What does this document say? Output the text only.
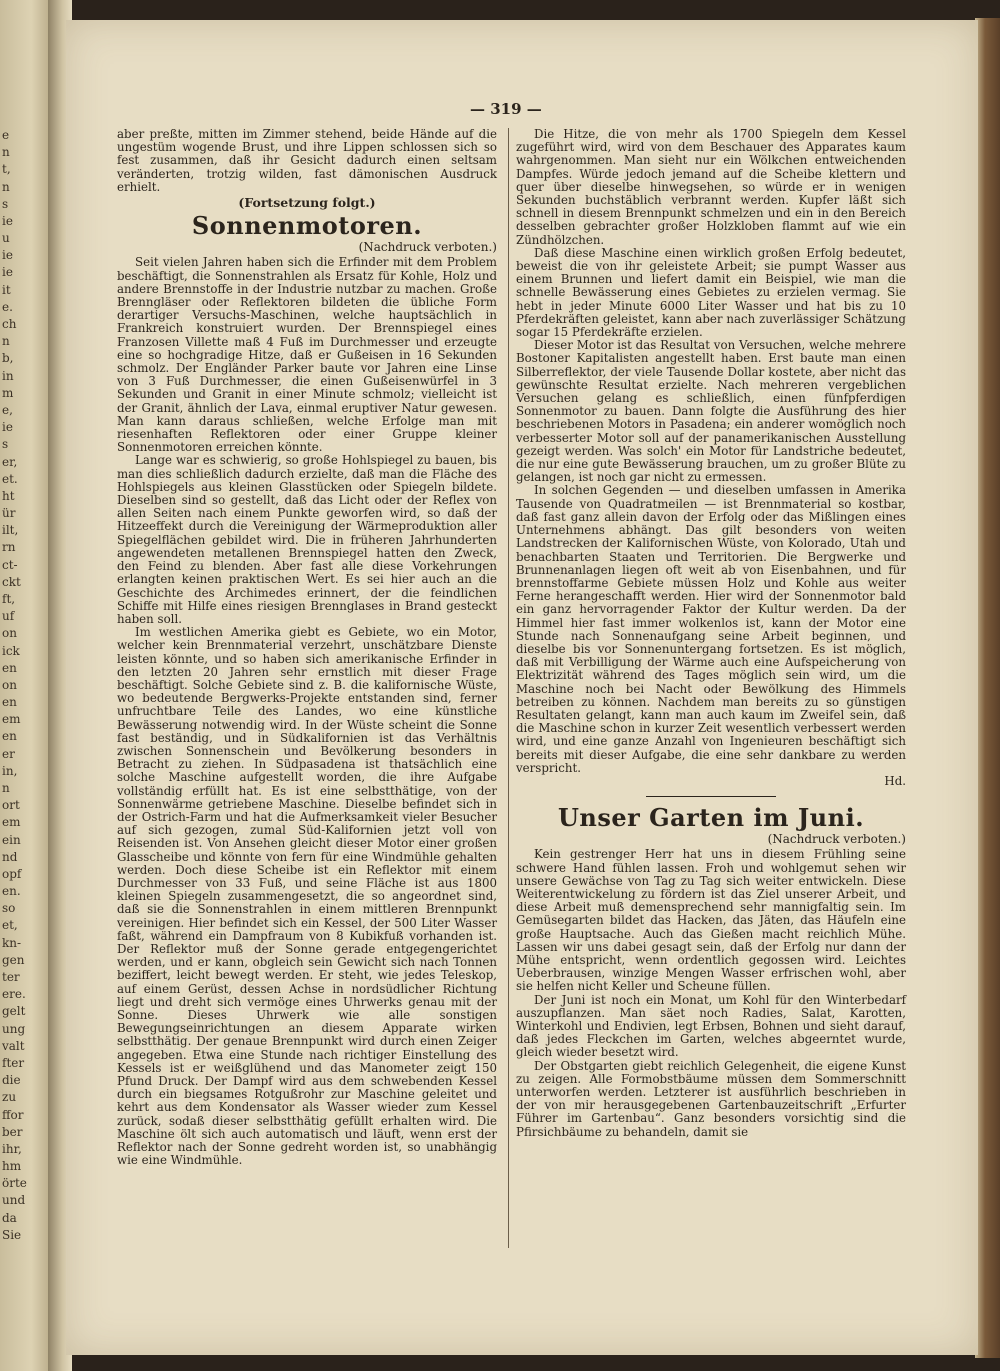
e
n
t,
n
s
ie
u
ie
ie
it
e.
ch
n
b,
in
m
e,
ie
s
er,
et.
ht
ür
ilt,
rn
ct-
ckt
ft,
uf
on
ick
en
on
en
em
en
er
in,
n
ort
em
ein
nd
opf
en.
so
et,
kn-
gen
ter
ere.
gelt
ung
valt
fter
die
zu
ffor
ber
ihr,
hm
örte
und
da
Sie
— 319 —

aber preßte, mitten im Zimmer stehend, beide Hände auf die ungestüm wogende Brust, und ihre Lippen schlossen sich so fest zusammen, daß ihr Gesicht dadurch einen seltsam veränderten, trotzig wilden, fast dämonischen Ausdruck erhielt.

(Fortsetzung folgt.)
Sonnenmotoren.
(Nachdruck verboten.)

Seit vielen Jahren haben sich die Erfinder mit dem Problem beschäftigt, die Sonnenstrahlen als Ersatz für Kohle, Holz und andere Brennstoffe in der Industrie nutzbar zu machen. Große Brenngläser oder Reflektoren bildeten die übliche Form derartiger Versuchs-Maschinen, welche hauptsächlich in Frankreich konstruiert wurden. Der Brennspiegel eines Franzosen Villette maß 4 Fuß im Durchmesser und erzeugte eine so hochgradige Hitze, daß er Gußeisen in 16 Sekunden schmolz. Der Engländer Parker baute vor Jahren eine Linse von 3 Fuß Durchmesser, die einen Gußeisenwürfel in 3 Sekunden und Granit in einer Minute schmolz; vielleicht ist der Granit, ähnlich der Lava, einmal eruptiver Natur gewesen. Man kann daraus schließen, welche Erfolge man mit riesenhaften Reflektoren oder einer Gruppe kleiner Sonnenmotoren erreichen könnte.

Lange war es schwierig, so große Hohlspiegel zu bauen, bis man dies schließlich dadurch erzielte, daß man die Fläche des Hohlspiegels aus kleinen Glasstücken oder Spiegeln bildete. Dieselben sind so gestellt, daß das Licht oder der Reflex von allen Seiten nach einem Punkte geworfen wird, so daß der Hitzeeffekt durch die Vereinigung der Wärmeproduktion aller Spiegelflächen gebildet wird. Die in früheren Jahrhunderten angewendeten metallenen Brennspiegel hatten den Zweck, den Feind zu blenden. Aber fast alle diese Vorkehrungen erlangten keinen praktischen Wert. Es sei hier auch an die Geschichte des Archimedes erinnert, der die feindlichen Schiffe mit Hilfe eines riesigen Brennglases in Brand gesteckt haben soll.

Im westlichen Amerika giebt es Gebiete, wo ein Motor, welcher kein Brennmaterial verzehrt, unschätzbare Dienste leisten könnte, und so haben sich amerikanische Erfinder in den letzten 20 Jahren sehr ernstlich mit dieser Frage beschäftigt. Solche Gebiete sind z. B. die kalifornische Wüste, wo bedeutende Bergwerks-Projekte entstanden sind, ferner unfruchtbare Teile des Landes, wo eine künstliche Bewässerung notwendig wird. In der Wüste scheint die Sonne fast beständig, und in Südkalifornien ist das Verhältnis zwischen Sonnenschein und Bevölkerung besonders in Betracht zu ziehen. In Südpasadena ist thatsächlich eine solche Maschine aufgestellt worden, die ihre Aufgabe vollständig erfüllt hat. Es ist eine selbstthätige, von der Sonnenwärme getriebene Maschine. Dieselbe befindet sich in der Ostrich-Farm und hat die Aufmerksamkeit vieler Besucher auf sich gezogen, zumal Süd-Kalifornien jetzt voll von Reisenden ist. Von Ansehen gleicht dieser Motor einer großen Glasscheibe und könnte von fern für eine Windmühle gehalten werden. Doch diese Scheibe ist ein Reflektor mit einem Durchmesser von 33 Fuß, und seine Fläche ist aus 1800 kleinen Spiegeln zusammengesetzt, die so angeordnet sind, daß sie die Sonnenstrahlen in einem mittleren Brennpunkt vereinigen. Hier befindet sich ein Kessel, der 500 Liter Wasser faßt, während ein Dampfraum von 8 Kubikfuß vorhanden ist. Der Reflektor muß der Sonne gerade entgegengerichtet werden, und er kann, obgleich sein Gewicht sich nach Tonnen beziffert, leicht bewegt werden. Er steht, wie jedes Teleskop, auf einem Gerüst, dessen Achse in nordsüdlicher Richtung liegt und dreht sich vermöge eines Uhrwerks genau mit der Sonne. Dieses Uhrwerk wie alle sonstigen Bewegungseinrichtungen an diesem Apparate wirken selbstthätig. Der genaue Brennpunkt wird durch einen Zeiger angegeben. Etwa eine Stunde nach richtiger Einstellung des Kessels ist er weißglühend und das Manometer zeigt 150 Pfund Druck. Der Dampf wird aus dem schwebenden Kessel durch ein biegsames Rotgußrohr zur Maschine geleitet und kehrt aus dem Kondensator als Wasser wieder zum Kessel zurück, sodaß dieser selbstthätig gefüllt erhalten wird. Die Maschine ölt sich auch automatisch und läuft, wenn erst der Reflektor nach der Sonne gedreht worden ist, so unabhängig wie eine Windmühle.

Die Hitze, die von mehr als 1700 Spiegeln dem Kessel zugeführt wird, wird von dem Beschauer des Apparates kaum wahrgenommen. Man sieht nur ein Wölkchen entweichenden Dampfes. Würde jedoch jemand auf die Scheibe klettern und quer über dieselbe hinwegsehen, so würde er in wenigen Sekunden buchstäblich verbrannt werden. Kupfer läßt sich schnell in diesem Brennpunkt schmelzen und ein in den Bereich desselben gebrachter großer Holzkloben flammt auf wie ein Zündhölzchen.

Daß diese Maschine einen wirklich großen Erfolg bedeutet, beweist die von ihr geleistete Arbeit; sie pumpt Wasser aus einem Brunnen und liefert damit ein Beispiel, wie man die schnelle Bewässerung eines Gebietes zu erzielen vermag. Sie hebt in jeder Minute 6000 Liter Wasser und hat bis zu 10 Pferdekräften geleistet, kann aber nach zuverlässiger Schätzung sogar 15 Pferdekräfte erzielen.

Dieser Motor ist das Resultat von Versuchen, welche mehrere Bostoner Kapitalisten angestellt haben. Erst baute man einen Silberreflektor, der viele Tausende Dollar kostete, aber nicht das gewünschte Resultat erzielte. Nach mehreren vergeblichen Versuchen gelang es schließlich, einen fünfpferdigen Sonnenmotor zu bauen. Dann folgte die Ausführung des hier beschriebenen Motors in Pasadena; ein anderer womöglich noch verbesserter Motor soll auf der panamerikanischen Ausstellung gezeigt werden. Was solch' ein Motor für Landstriche bedeutet, die nur eine gute Bewässerung brauchen, um zu großer Blüte zu gelangen, ist noch gar nicht zu ermessen.

In solchen Gegenden — und dieselben umfassen in Amerika Tausende von Quadratmeilen — ist Brennmaterial so kostbar, daß fast ganz allein davon der Erfolg oder das Mißlingen eines Unternehmens abhängt. Das gilt besonders von weiten Landstrecken der Kalifornischen Wüste, von Kolorado, Utah und benachbarten Staaten und Territorien. Die Bergwerke und Brunnenanlagen liegen oft weit ab von Eisenbahnen, und für brennstoffarme Gebiete müssen Holz und Kohle aus weiter Ferne herangeschafft werden. Hier wird der Sonnenmotor bald ein ganz hervorragender Faktor der Kultur werden. Da der Himmel hier fast immer wolkenlos ist, kann der Motor eine Stunde nach Sonnenaufgang seine Arbeit beginnen, und dieselbe bis vor Sonnenuntergang fortsetzen. Es ist möglich, daß mit Verbilligung der Wärme auch eine Aufspeicherung von Elektrizität während des Tages möglich sein wird, um die Maschine noch bei Nacht oder Bewölkung des Himmels betreiben zu können. Nachdem man bereits zu so günstigen Resultaten gelangt, kann man auch kaum im Zweifel sein, daß die Maschine schon in kurzer Zeit wesentlich verbessert werden wird, und eine ganze Anzahl von Ingenieuren beschäftigt sich bereits mit dieser Aufgabe, die eine sehr dankbare zu werden verspricht.

Hd.
Unser Garten im Juni.
(Nachdruck verboten.)

Kein gestrenger Herr hat uns in diesem Frühling seine schwere Hand fühlen lassen. Froh und wohlgemut sehen wir unsere Gewächse von Tag zu Tag sich weiter entwickeln. Diese Weiterentwickelung zu fördern ist das Ziel unserer Arbeit, und diese Arbeit muß demensprechend sehr mannigfaltig sein. Im Gemüsegarten bildet das Hacken, das Jäten, das Häufeln eine große Hauptsache. Auch das Gießen macht reichlich Mühe. Lassen wir uns dabei gesagt sein, daß der Erfolg nur dann der Mühe entspricht, wenn ordentlich gegossen wird. Leichtes Ueberbrausen, winzige Mengen Wasser erfrischen wohl, aber sie helfen nicht Keller und Scheune füllen.

Der Juni ist noch ein Monat, um Kohl für den Winterbedarf auszupflanzen. Man säet noch Radies, Salat, Karotten, Winterkohl und Endivien, legt Erbsen, Bohnen und sieht darauf, daß jedes Fleckchen im Garten, welches abgeerntet wurde, gleich wieder besetzt wird.

Der Obstgarten giebt reichlich Gelegenheit, die eigene Kunst zu zeigen. Alle Formobstbäume müssen dem Sommerschnitt unterworfen werden. Letzterer ist ausführlich beschrieben in der von mir herausgegebenen Gartenbauzeitschrift „Erfurter Führer im Gartenbau“. Ganz besonders vorsichtig sind die Pfirsichbäume zu behandeln, damit sie
